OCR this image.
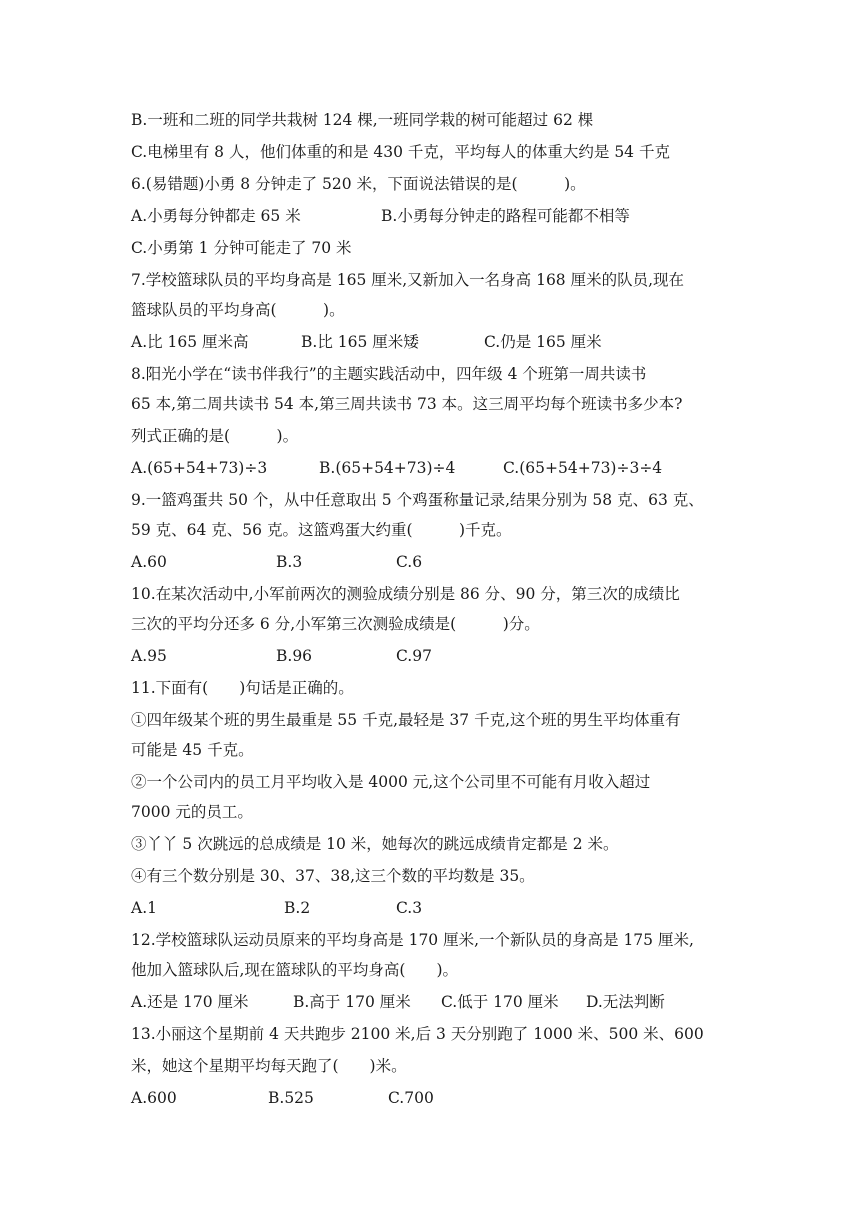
B.一班和二班的同学共栽树 124 棵,一班同学栽的树可能超过 62 棵
C.电梯里有 8 人，他们体重的和是 430 千克，平均每人的体重大约是 54 千克
6.(易错题)小勇 8 分钟走了 520 米，下面说法错误的是(　　　)。
A.小勇每分钟都走 65 米	B.小勇每分钟走的路程可能都不相等
C.小勇第 1 分钟可能走了 70 米
7.学校篮球队员的平均身高是 165 厘米,又新加入一名身高 168 厘米的队员,现在
篮球队员的平均身高(　　　)。
A.比 165 厘米高	B.比 165 厘米矮	C.仍是 165 厘米
8.阳光小学在“读书伴我行”的主题实践活动中，四年级 4 个班第一周共读书
65 本,第二周共读书 54 本,第三周共读书 73 本。这三周平均每个班读书多少本?
列式正确的是(　　　)。
A.(65+54+73)÷3	B.(65+54+73)÷4	C.(65+54+73)÷3÷4
9.一篮鸡蛋共 50 个，从中任意取出 5 个鸡蛋称量记录,结果分别为 58 克、63 克、
59 克、64 克、56 克。这篮鸡蛋大约重(　　　)千克。
A.60	B.3	C.6
10.在某次活动中,小军前两次的测验成绩分别是 86 分、90 分，第三次的成绩比
三次的平均分还多 6 分,小军第三次测验成绩是(　　　)分。
A.95	B.96	C.97
11.下面有(　　)句话是正确的。
①四年级某个班的男生最重是 55 千克,最轻是 37 千克,这个班的男生平均体重有
可能是 45 千克。
②一个公司内的员工月平均收入是 4000 元,这个公司里不可能有月收入超过
7000 元的员工。
③丫丫 5 次跳远的总成绩是 10 米，她每次的跳远成绩肯定都是 2 米。
④有三个数分别是 30、37、38,这三个数的平均数是 35。
A.1	B.2	C.3
12.学校篮球队运动员原来的平均身高是 170 厘米,一个新队员的身高是 175 厘米,
他加入篮球队后,现在篮球队的平均身高(　　)。
A.还是 170 厘米	B.高于 170 厘米 C.低于 170 厘米 D.无法判断
13.小丽这个星期前 4 天共跑步 2100 米,后 3 天分别跑了 1000 米、500 米、600
米，她这个星期平均每天跑了(　　)米。
A.600	B.525	C.700
